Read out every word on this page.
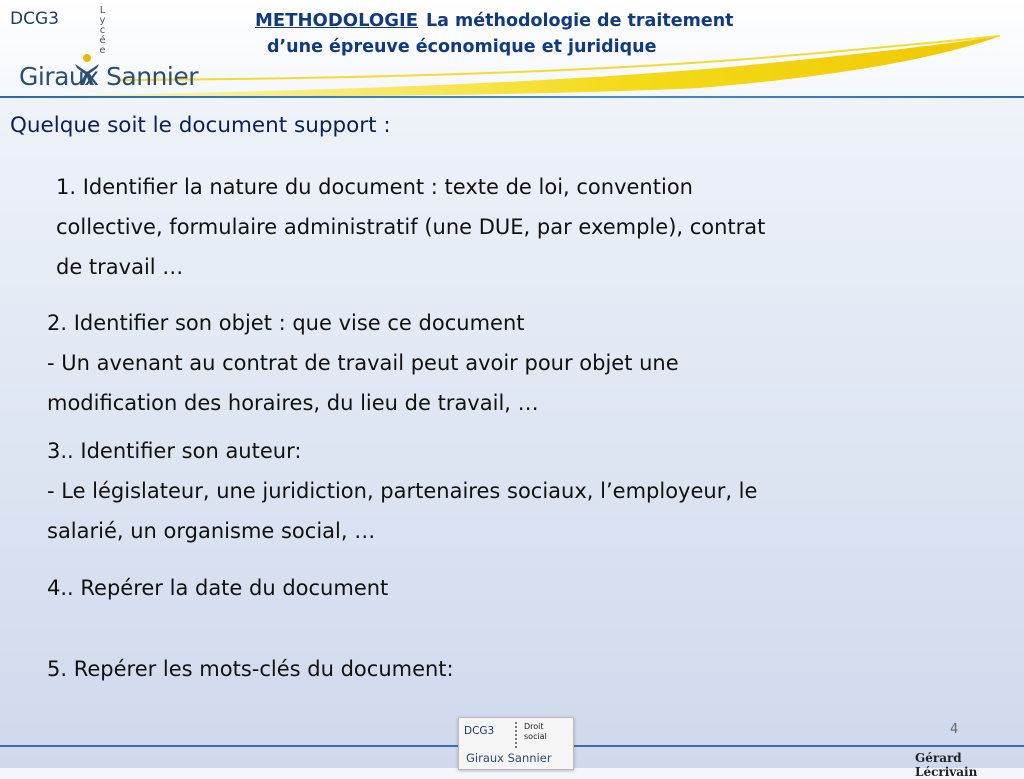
DCG3	Lycée
Giraux Sannier
METHODOLOGIE La méthodologie de traitement
d’une épreuve économique et juridique
Quelque soit le document support :
1. Identifier la nature du document : texte de loi, convention
collective, formulaire administratif (une DUE, par exemple), contrat
de travail …
2. Identifier son objet : que vise ce document
- Un avenant au contrat de travail peut avoir pour objet une
modification des horaires, du lieu de travail, …
3.. Identifier son auteur:
- Le législateur, une juridiction, partenaires sociaux, l’employeur, le
salarié, un organisme social, …
4.. Repérer la date du document
5. Repérer les mots-clés du document:
4
DCG3	Droit
social
Giraux Sannier	Gérard Lécrivain
